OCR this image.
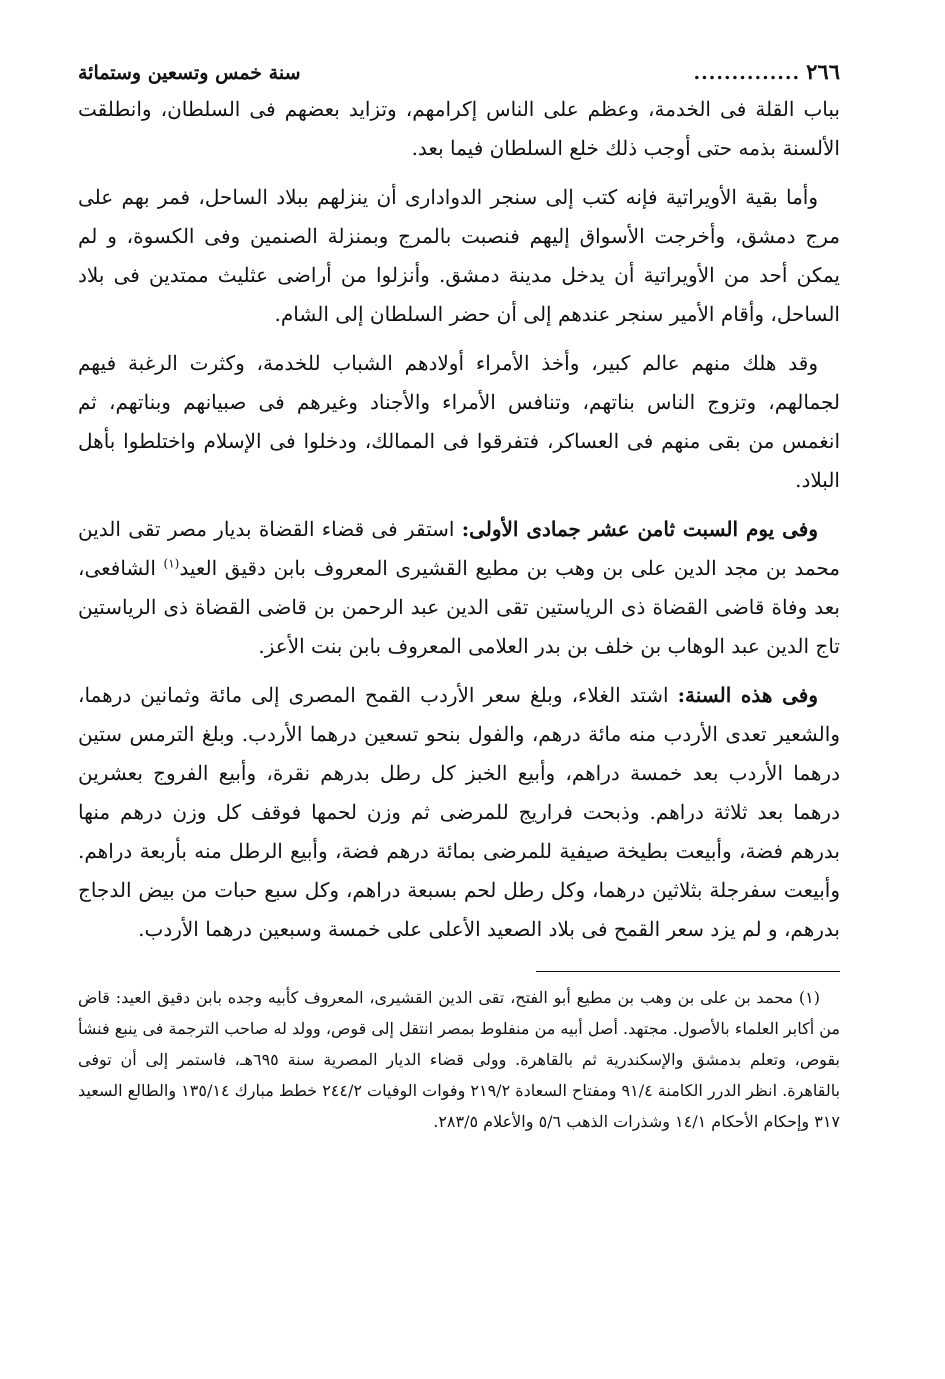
٢٦٦
..............
سنة خمس وتسعين وستمائة

بباب القلة فى الخدمة، وعظم على الناس إكرامهم، وتزايد بعضهم فى السلطان، وانطلقت الألسنة بذمه حتى أوجب ذلك خلع السلطان فيما بعد.

وأما بقية الأويراتية فإنه كتب إلى سنجر الدوادارى أن ينزلهم ببلاد الساحل، فمر بهم على مرج دمشق، وأخرجت الأسواق إليهم فنصبت بالمرج وبمنزلة الصنمين وفى الكسوة، و لم يمكن أحد من الأويراتية أن يدخل مدينة دمشق. وأنزلوا من أراضى عثليث ممتدين فى بلاد الساحل، وأقام الأمير سنجر عندهم إلى أن حضر السلطان إلى الشام.

وقد هلك منهم عالم كبير، وأخذ الأمراء أولادهم الشباب للخدمة، وكثرت الرغبة فيهم لجمالهم، وتزوج الناس بناتهم، وتنافس الأمراء والأجناد وغيرهم فى صبيانهم وبناتهم، ثم انغمس من بقى منهم فى العساكر، فتفرقوا فى الممالك، ودخلوا فى الإسلام واختلطوا بأهل البلاد.

وفى يوم السبت ثامن عشر جمادى الأولى: استقر فى قضاء القضاة بديار مصر تقى الدين محمد بن مجد الدين على بن وهب بن مطيع القشيرى المعروف بابن دقيق العيد$^{(١)}$ الشافعى، بعد وفاة قاضى القضاة ذى الرياستين تقى الدين عبد الرحمن بن قاضى القضاة ذى الرياستين تاج الدين عبد الوهاب بن خلف بن بدر العلامى المعروف بابن بنت الأعز.

وفى هذه السنة: اشتد الغلاء، وبلغ سعر الأردب القمح المصرى إلى مائة وثمانين درهما، والشعير تعدى الأردب منه مائة درهم، والفول بنحو تسعين درهما الأردب. وبلغ الترمس ستين درهما الأردب بعد خمسة دراهم، وأبيع الخبز كل رطل بدرهم نقرة، وأبيع الفروج بعشرين درهما بعد ثلاثة دراهم. وذبحت فراريج للمرضى ثم وزن لحمها فوقف كل وزن درهم منها بدرهم فضة، وأبيعت بطيخة صيفية للمرضى بمائة درهم فضة، وأبيع الرطل منه بأربعة دراهم. وأبيعت سفرجلة بثلاثين درهما، وكل رطل لحم بسبعة دراهم، وكل سبع حبات من بيض الدجاج بدرهم، و لم يزد سعر القمح فى بلاد الصعيد الأعلى على خمسة وسبعين درهما الأردب.

(١) محمد بن على بن وهب بن مطيع أبو الفتح، تقى الدين القشيرى، المعروف كأبيه وجده بابن دقيق العيد: قاض من أكابر العلماء بالأصول. مجتهد. أصل أبيه من منفلوط بمصر انتقل إلى قوص، وولد له صاحب الترجمة فى ينبع فنشأ بقوص، وتعلم بدمشق والإسكندرية ثم بالقاهرة. وولى قضاء الديار المصرية سنة ٦٩٥هـ، فاستمر إلى أن توفى بالقاهرة. انظر الدرر الكامنة ٩١/٤ ومفتاح السعادة ٢١٩/٢ وفوات الوفيات ٢٤٤/٢ خطط مبارك ١٣٥/١٤ والطالع السعيد ٣١٧ وإحكام الأحكام ١٤/١ وشذرات الذهب ٥/٦ والأعلام ٢٨٣/٥.
